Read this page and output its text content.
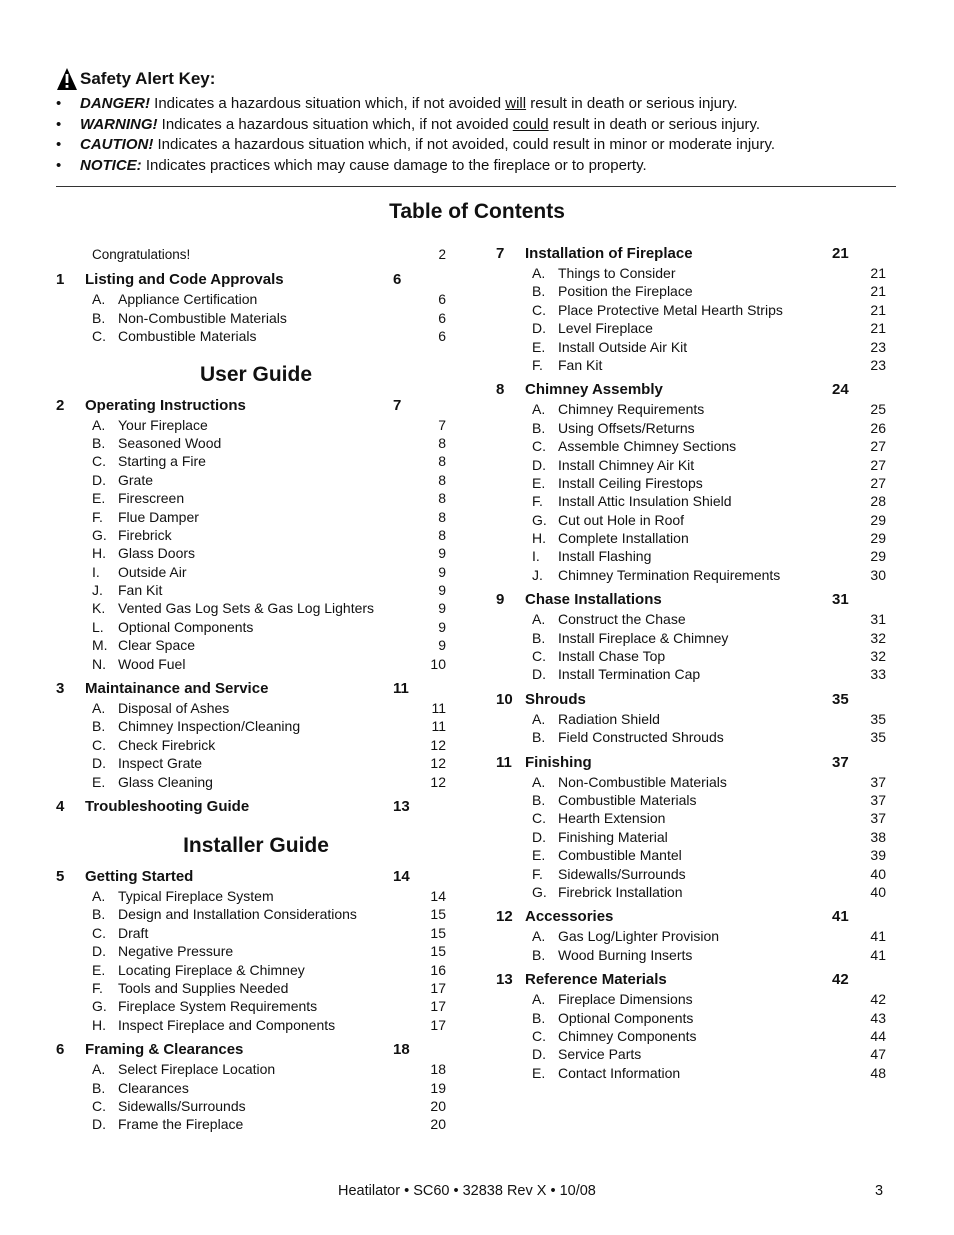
Safety Alert Key:
• DANGER! Indicates a hazardous situation which, if not avoided will result in death or serious injury.
• WARNING! Indicates a hazardous situation which, if not avoided could result in death or serious injury.
• CAUTION! Indicates a hazardous situation which, if not avoided, could result in minor or moderate injury.
• NOTICE: Indicates practices which may cause damage to the fireplace or to property.
Table of Contents
Congratulations!	2
1 Listing and Code Approvals	6
A. Appliance Certification	6
B. Non-Combustible Materials	6
C. Combustible Materials	6
User Guide
2 Operating Instructions	7
A. Your Fireplace	7
B. Seasoned Wood	8
C. Starting a Fire	8
D. Grate	8
E. Firescreen	8
F. Flue Damper	8
G. Firebrick	8
H. Glass Doors	9
I. Outside Air	9
J. Fan Kit	9
K. Vented Gas Log Sets & Gas Log Lighters	9
L. Optional Components	9
M. Clear Space	9
N. Wood Fuel	10
3 Maintainance and Service	11
A. Disposal of Ashes	11
B. Chimney Inspection/Cleaning	11
C. Check Firebrick	12
D. Inspect Grate	12
E. Glass Cleaning	12
4 Troubleshooting Guide	13
Installer Guide
5 Getting Started	14
A. Typical Fireplace System	14
B. Design and Installation Considerations	15
C. Draft	15
D. Negative Pressure	15
E. Locating Fireplace & Chimney	16
F. Tools and Supplies Needed	17
G. Fireplace System Requirements	17
H. Inspect Fireplace and Components	17
6 Framing & Clearances	18
A. Select Fireplace Location	18
B. Clearances	19
C. Sidewalls/Surrounds	20
D. Frame the Fireplace	20
7 Installation of Fireplace	21
A. Things to Consider	21
B. Position the Fireplace	21
C. Place Protective Metal Hearth Strips	21
D. Level Fireplace	21
E. Install Outside Air Kit	23
F. Fan Kit	23
8 Chimney Assembly	24
A. Chimney Requirements	25
B. Using Offsets/Returns	26
C. Assemble Chimney Sections	27
D. Install Chimney Air Kit	27
E. Install Ceiling Firestops	27
F. Install Attic Insulation Shield	28
G. Cut out Hole in Roof	29
H. Complete Installation	29
I. Install Flashing	29
J. Chimney Termination Requirements	30
9 Chase Installations	31
A. Construct the Chase	31
B. Install Fireplace & Chimney	32
C. Install Chase Top	32
D. Install Termination Cap	33
10 Shrouds	35
A. Radiation Shield	35
B. Field Constructed Shrouds	35
11 Finishing	37
A. Non-Combustible Materials	37
B. Combustible Materials	37
C. Hearth Extension	37
D. Finishing Material	38
E. Combustible Mantel	39
F. Sidewalls/Surrounds	40
G. Firebrick Installation	40
12 Accessories	41
A. Gas Log/Lighter Provision	41
B. Wood Burning Inserts	41
13 Reference Materials	42
A. Fireplace Dimensions	42
B. Optional Components	43
C. Chimney Components	44
D. Service Parts	47
E. Contact Information	48
Heatilator • SC60 • 32838 Rev X • 10/08	3
